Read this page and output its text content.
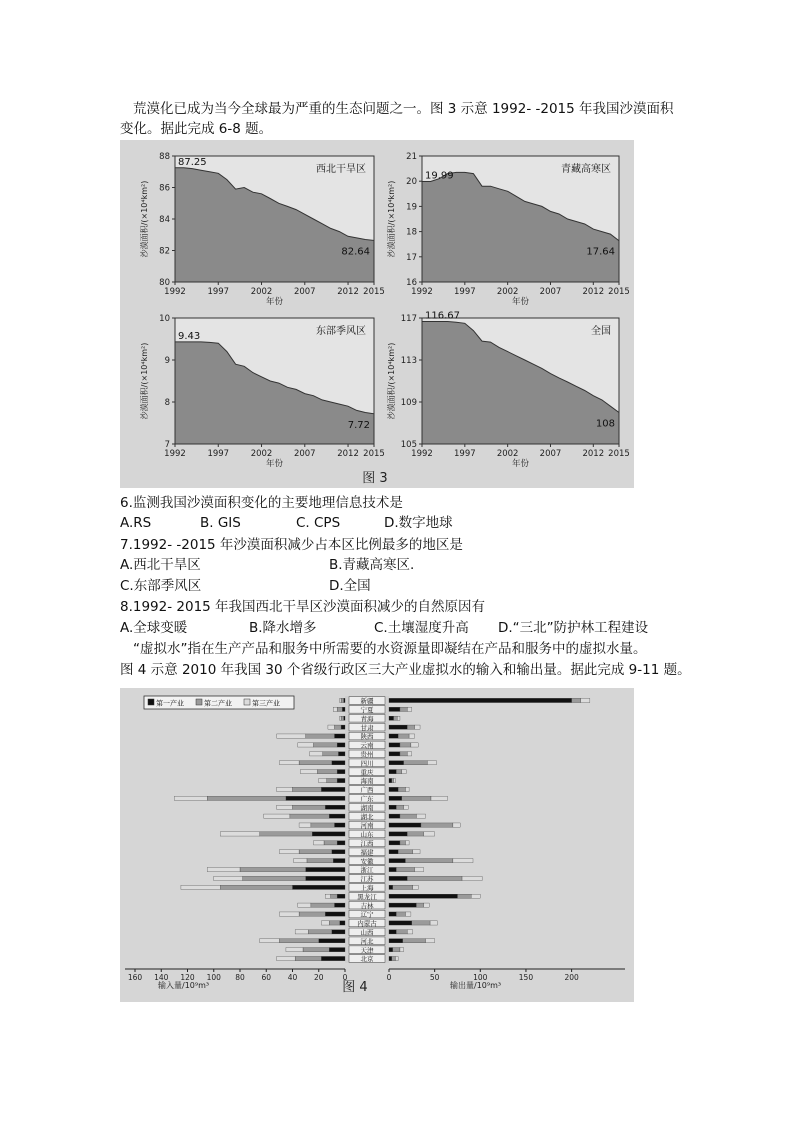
荒漠化已成为当今全球最为严重的生态问题之一。图 3 示意 1992- -2015 年我国沙漠面积
变化。据此完成 6-8 题。
80
82
84
86
88
1992	1997	2002	2007	2012 2015
年份
沙漠面积/(×10⁴km²)
西北干旱区
87.25
82.64
16
17
18
19
20
21
1992 1997 2002 2007 2012 2015
年份
沙漠面积/(×10⁴km²)
青藏高寒区
19.99
17.64
7
8
9
10
1992	1997	2002	2007	2012 2015
年份
沙漠面积/(×10⁴km²)
东部季风区
9.43
7.72
105
109
113
117
1992 1997 2002 2007 2012 2015
年份
沙漠面积/(×10⁴km²)
全国
116.67
108
图 3
6.监测我国沙漠面积变化的主要地理信息技术是
A.RS	B. GIS	C. CPS	D.数字地球
7.1992- -2015 年沙漠面积减少占本区比例最多的地区是
A.西北干旱区	B.青藏高寒区.
C.东部季风区	D.全国
8.1992- 2015 年我国西北干旱区沙漠面积减少的自然原因有
A.全球变暖	B.降水增多	C.土壤湿度升高 D.“三北”防护林工程建设
“虚拟水”指在生产产品和服务中所需要的水资源量即凝结在产品和服务中的虚拟水量。
图 4 示意 2010 年我国 30 个省级行政区三大产业虚拟水的输入和输出量。据此完成 9-11 题。
第一产业	第二产业	第三产业	新疆
宁夏
青海
甘肃
陕西
云南
贵州
四川
重庆
海南
广西
广东
湖南
湖北
河南
山东
江西
福建
安徽
浙江
江苏
上海
黑龙江
吉林
辽宁
内蒙古
山西
河北
天津
北京
160 140 120 100 80 60 40 20	0	0	50	100	150	200
输入量/10⁹m³	输出量/10⁹m³
图 4
